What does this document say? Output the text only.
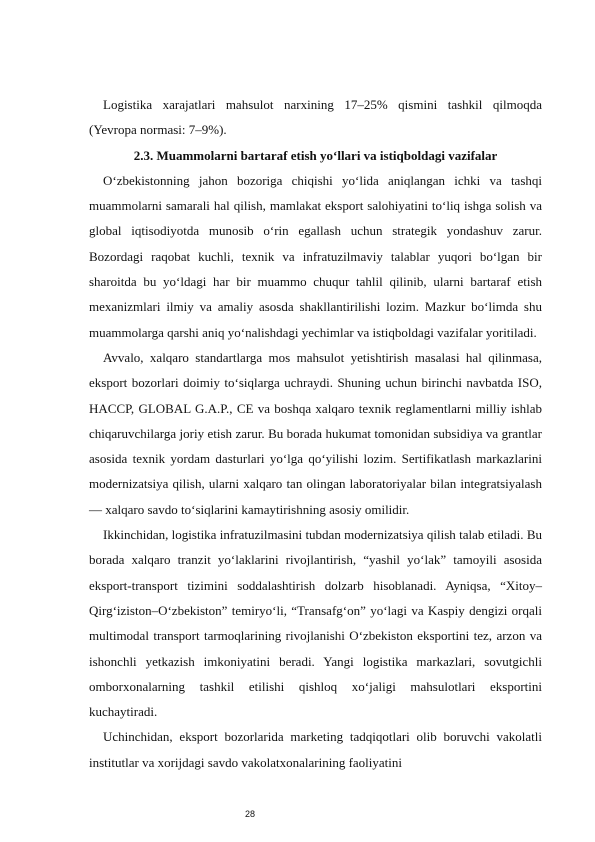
Logistika xarajatlari mahsulot narxining 17–25% qismini tashkil qilmoqda (Yevropa normasi: 7–9%).

2.3. Muammolarni bartaraf etish yo‘llari va istiqboldagi vazifalar

O‘zbekistonning jahon bozoriga chiqishi yo‘lida aniqlangan ichki va tashqi muammolarni samarali hal qilish, mamlakat eksport salohiyatini to‘liq ishga solish va global iqtisodiyotda munosib o‘rin egallash uchun strategik yondashuv zarur. Bozordagi raqobat kuchli, texnik va infratuzilmaviy talablar yuqori bo‘lgan bir sharoitda bu yo‘ldagi har bir muammo chuqur tahlil qilinib, ularni bartaraf etish mexanizmlari ilmiy va amaliy asosda shakllantirilishi lozim. Mazkur bo‘limda shu muammolarga qarshi aniq yo‘nalishdagi yechimlar va istiqboldagi vazifalar yoritiladi.

Avvalo, xalqaro standartlarga mos mahsulot yetishtirish masalasi hal qilinmasa, eksport bozorlari doimiy to‘siqlarga uchraydi. Shuning uchun birinchi navbatda ISO, HACCP, GLOBAL G.A.P., CE va boshqa xalqaro texnik reglamentlarni milliy ishlab chiqaruvchilarga joriy etish zarur. Bu borada hukumat tomonidan subsidiya va grantlar asosida texnik yordam dasturlari yo‘lga qo‘yilishi lozim. Sertifikatlash markazlarini modernizatsiya qilish, ularni xalqaro tan olingan laboratoriyalar bilan integratsiyalash — xalqaro savdo to‘siqlarini kamaytirishning asosiy omilidir.

Ikkinchidan, logistika infratuzilmasini tubdan modernizatsiya qilish talab etiladi. Bu borada xalqaro tranzit yo‘laklarini rivojlantirish, “yashil yo‘lak” tamoyili asosida eksport-transport tizimini soddalashtirish dolzarb hisoblanadi. Ayniqsa, “Xitoy–Qirg‘iziston–O‘zbekiston” temiryo‘li, “Transafg‘on” yo‘lagi va Kaspiy dengizi orqali multimodal transport tarmoqlarining rivojlanishi O‘zbekiston eksportini tez, arzon va ishonchli yetkazish imkoniyatini beradi. Yangi logistika markazlari, sovutgichli omborxonalarning tashkil etilishi qishloq xo‘jaligi mahsulotlari eksportini kuchaytiradi.

Uchinchidan, eksport bozorlarida marketing tadqiqotlari olib boruvchi vakolatli institutlar va xorijdagi savdo vakolatxonalarining faoliyatini

28
